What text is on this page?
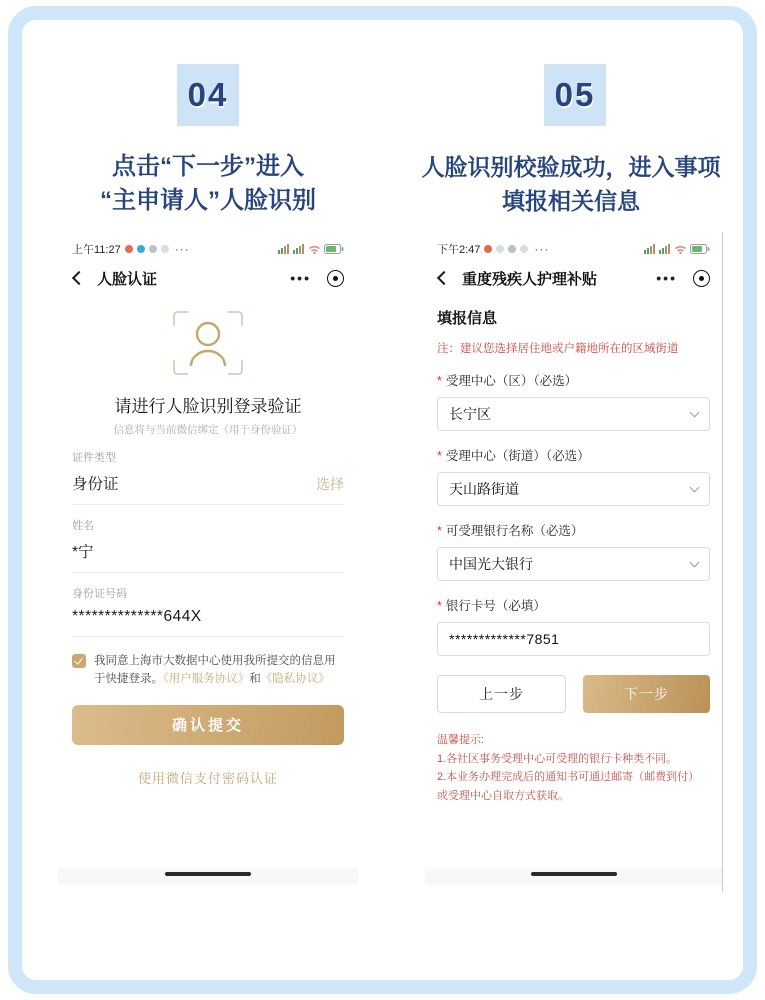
04	05
点击“下一步”进入
“主申请人”人脸识别
人脸识别校验成功，进入事项
填报相关信息
上午11:27	···
人脸认证	•••
请进行人脸识别登录验证
信息将与当前微信绑定（用于身份验证）
证件类型
身份证	选择
姓名
*宁
身份证号码
**************644X
我同意上海市大数据中心使用我所提交的信息用于快捷登录。《用户服务协议》和《隐私协议》
确认提交
使用微信支付密码认证
下午2:47	···
重度残疾人护理补贴	•••
填报信息
注：建议您选择居住地或户籍地所在的区域街道
* 受理中心（区）（必选）
长宁区
* 受理中心（街道）（必选）
天山路街道
* 可受理银行名称（必选）
中国光大银行
* 银行卡号（必填）
*************7851
上一步	下一步
温馨提示:
1.各社区事务受理中心可受理的银行卡种类不同。
2.本业务办理完成后的通知书可通过邮寄（邮费到付）或受理中心自取方式获取。
